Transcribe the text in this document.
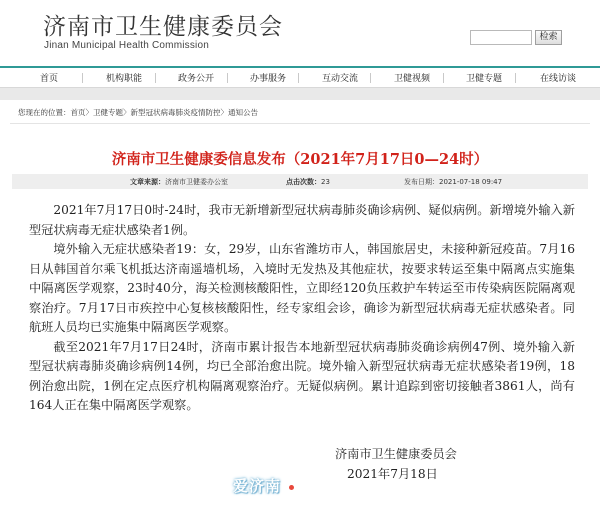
济南市卫生健康委员会
Jinan Municipal Health Commission
检索
首页	机构职能	政务公开	办事服务	互动交流	卫健视频	卫健专题	在线访谈
您现在的位置：首页〉卫健专题〉新型冠状病毒肺炎疫情防控〉通知公告
济南市卫生健康委信息发布（2021年7月17日0—24时）
文章来源：济南市卫健委办公室	点击次数：23	发布日期：2021-07-18 09:47

2021年7月17日0时-24时，我市无新增新型冠状病毒肺炎确诊病例、疑似病例。新增境外输入新型冠状病毒无症状感染者1例。

境外输入无症状感染者19：女，29岁，山东省潍坊市人，韩国旅居史，未接种新冠疫苗。7月16日从韩国首尔乘飞机抵达济南遥墙机场，入境时无发热及其他症状，按要求转运至集中隔离点实施集中隔离医学观察，23时40分，海关检测核酸阳性，立即经120负压救护车转运至市传染病医院隔离观察治疗。7月17日市疾控中心复核核酸阳性，经专家组会诊，确诊为新型冠状病毒无症状感染者。同航班人员均已实施集中隔离医学观察。

截至2021年7月17日24时，济南市累计报告本地新型冠状病毒肺炎确诊病例47例、境外输入新型冠状病毒肺炎确诊病例14例，均已全部治愈出院。境外输入新型冠状病毒无症状感染者19例，18例治愈出院，1例在定点医疗机构隔离观察治疗。无疑似病例。累计追踪到密切接触者3861人，尚有164人正在集中隔离医学观察。

济南市卫生健康委员会
2021年7月18日
爱济南
